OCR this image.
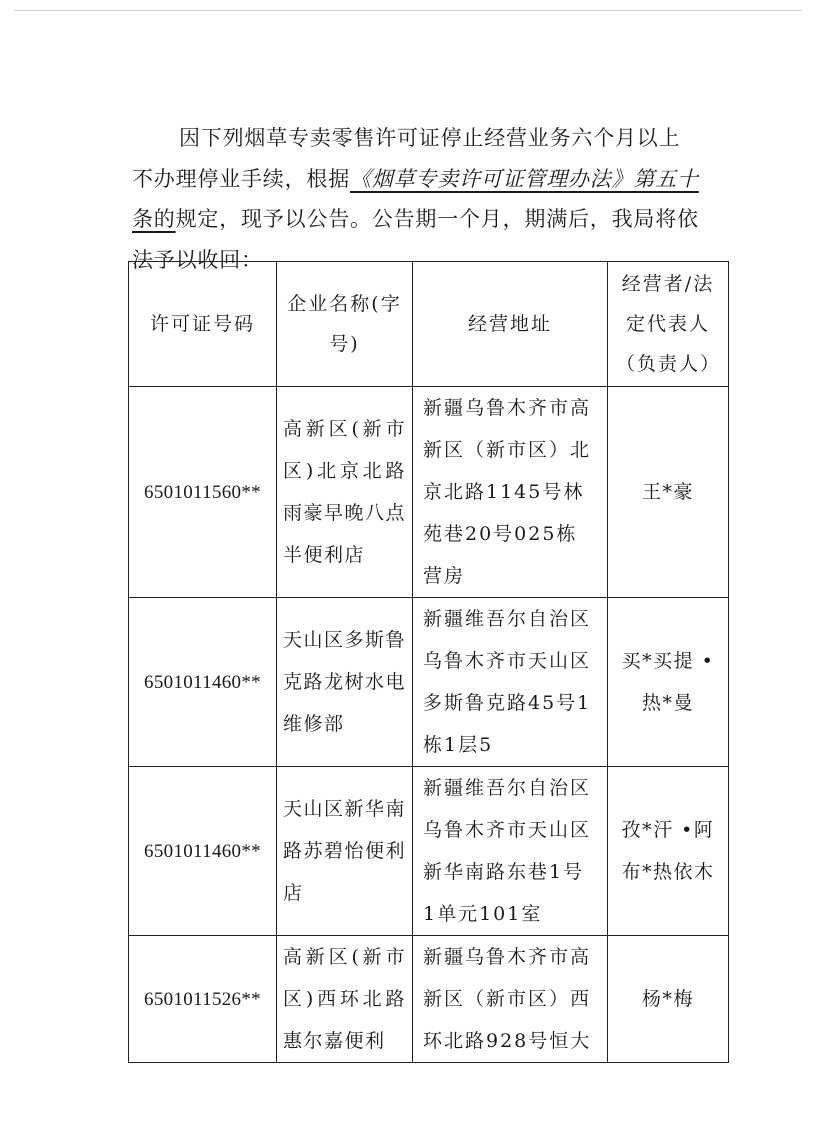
因下列烟草专卖零售许可证停止经营业务六个月以上
不办理停业手续，根据《烟草专卖许可证管理办法》第五十
条的规定，现予以公告。公告期一个月，期满后，我局将依
法予以收回：
许可证号码	企业名称(字号)	经营地址	经营者/法定代表人（负责人）

6501011560**	高新区(新市区)北京北路雨豪早晚八点半便利店	新疆乌鲁木齐市高新区（新市区）北京北路1145号林苑巷20号025栋营房	王*豪

6501011460**	天山区多斯鲁克路龙树水电维修部	新疆维吾尔自治区乌鲁木齐市天山区多斯鲁克路45号1栋1层5	买*买提 •热*曼

6501011460**	天山区新华南路苏碧怡便利店	新疆维吾尔自治区乌鲁木齐市天山区新华南路东巷1号1单元101室	孜*汗 •阿布*热依木

6501011526**	高新区(新市区)西环北路惠尔嘉便利	新疆乌鲁木齐市高新区（新市区）西环北路928号恒大	杨*梅
